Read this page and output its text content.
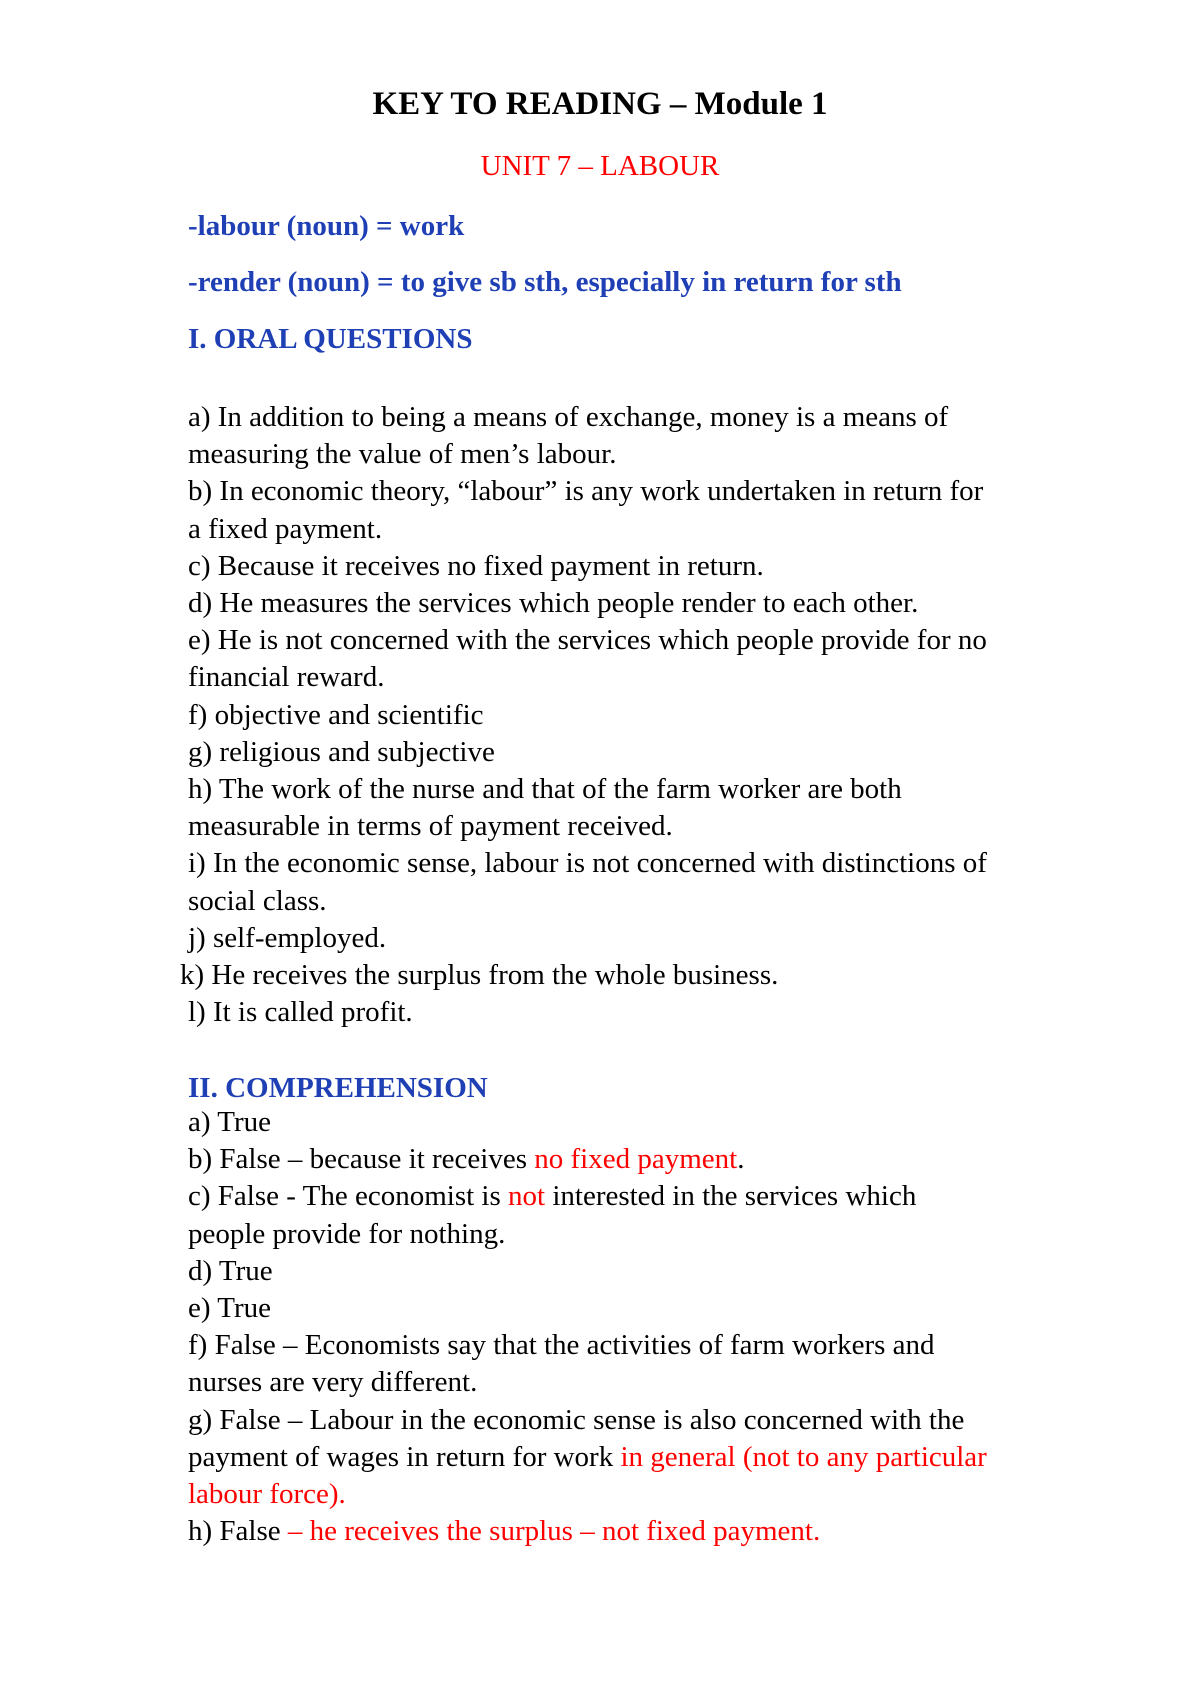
KEY TO READING – Module 1
UNIT 7 – LABOUR
-labour (noun) = work
-render (noun) = to give sb sth, especially in return for sth
I. ORAL QUESTIONS
a) In addition to being a means of exchange, money is a means of
measuring the value of men’s labour.
b) In economic theory, “labour” is any work undertaken in return for
a fixed payment.
c) Because it receives no fixed payment in return.
d) He measures the services which people render to each other.
e) He is not concerned with the services which people provide for no
financial reward.
f) objective and scientific
g) religious and subjective
h) The work of the nurse and that of the farm worker are both
measurable in terms of payment received.
i) In the economic sense, labour is not concerned with distinctions of
social class.
j) self-employed.
k) He receives the surplus from the whole business.
l) It is called profit.
II. COMPREHENSION
a) True
b) False – because it receives no fixed payment.
c) False - The economist is not interested in the services which
people provide for nothing.
d) True
e) True
f) False – Economists say that the activities of farm workers and
nurses are very different.
g) False – Labour in the economic sense is also concerned with the
payment of wages in return for work in general (not to any particular
labour force).
h) False – he receives the surplus – not fixed payment.
